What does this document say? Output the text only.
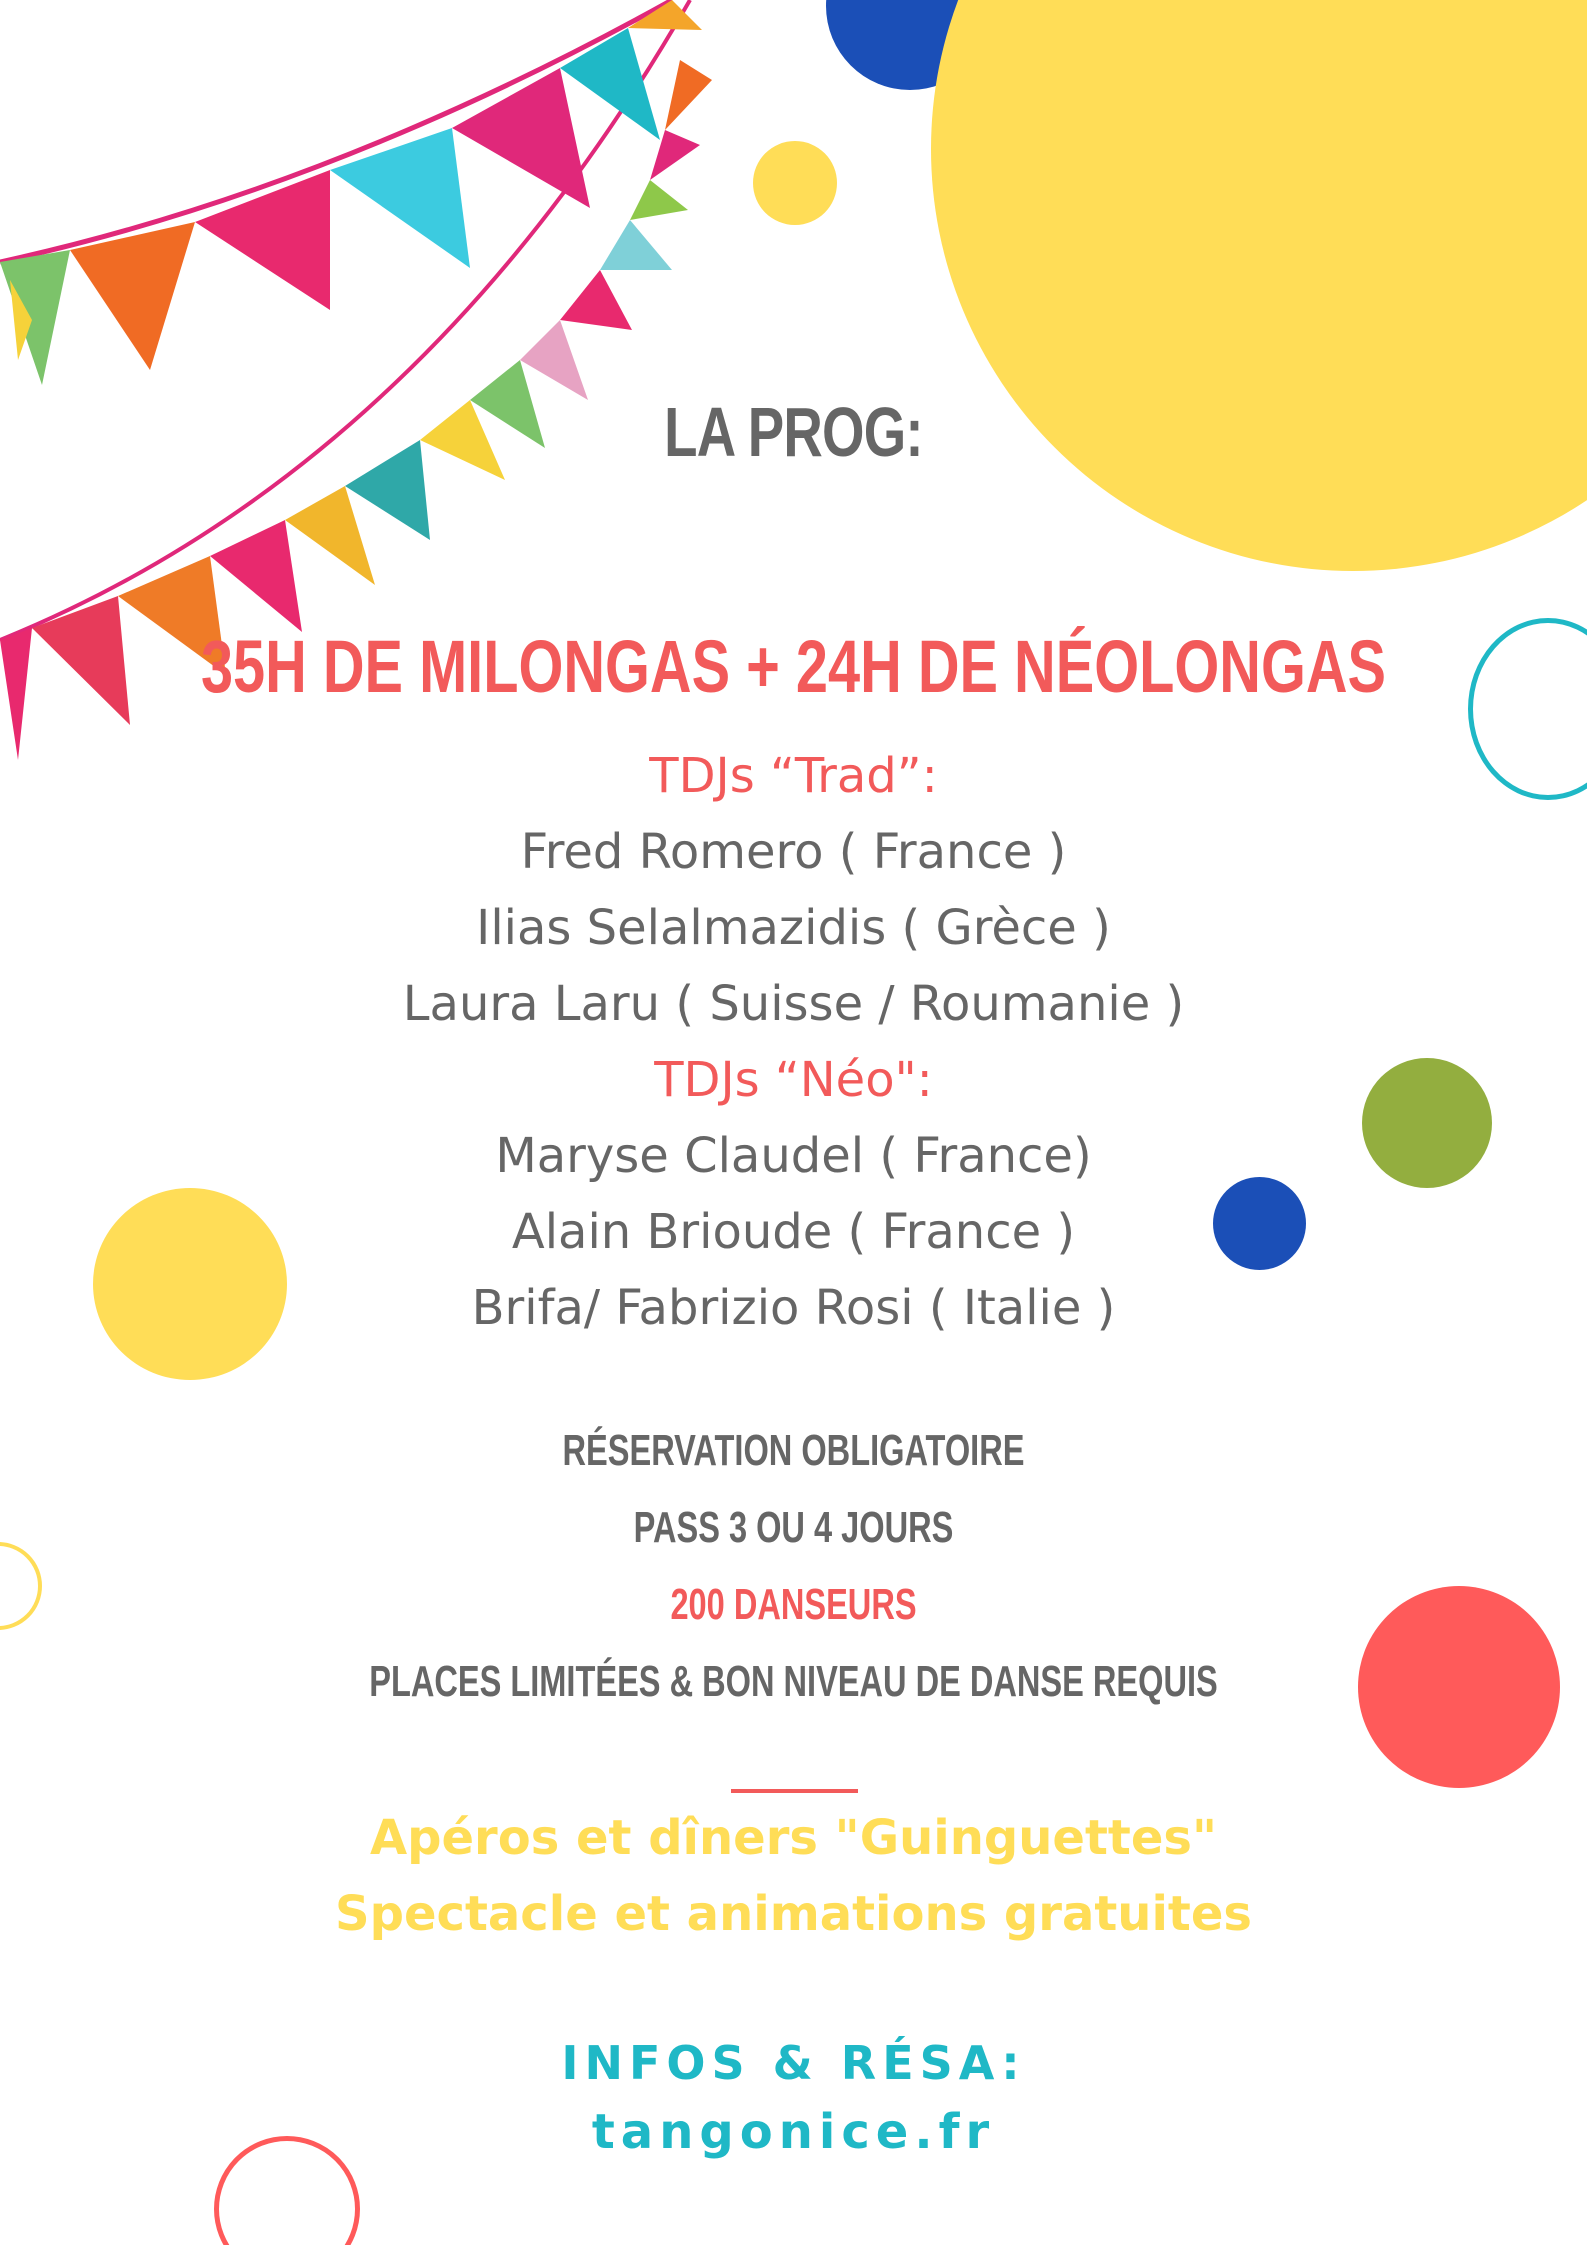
LA PROG:
35H DE MILONGAS + 24H DE NÉOLONGAS
TDJs “Trad”:
Fred Romero ( France )
Ilias Selalmazidis ( Grèce )
Laura Laru ( Suisse / Roumanie )
TDJs “Néo":
Maryse Claudel ( France)
Alain Brioude ( France )
Brifa/ Fabrizio Rosi ( Italie )
RÉSERVATION OBLIGATOIRE
PASS 3 OU 4 JOURS
200 DANSEURS
PLACES LIMITÉES & BON NIVEAU DE DANSE REQUIS
Apéros et dîners "Guinguettes"
Spectacle et animations gratuites
INFOS & RÉSA:
tangonice.fr
